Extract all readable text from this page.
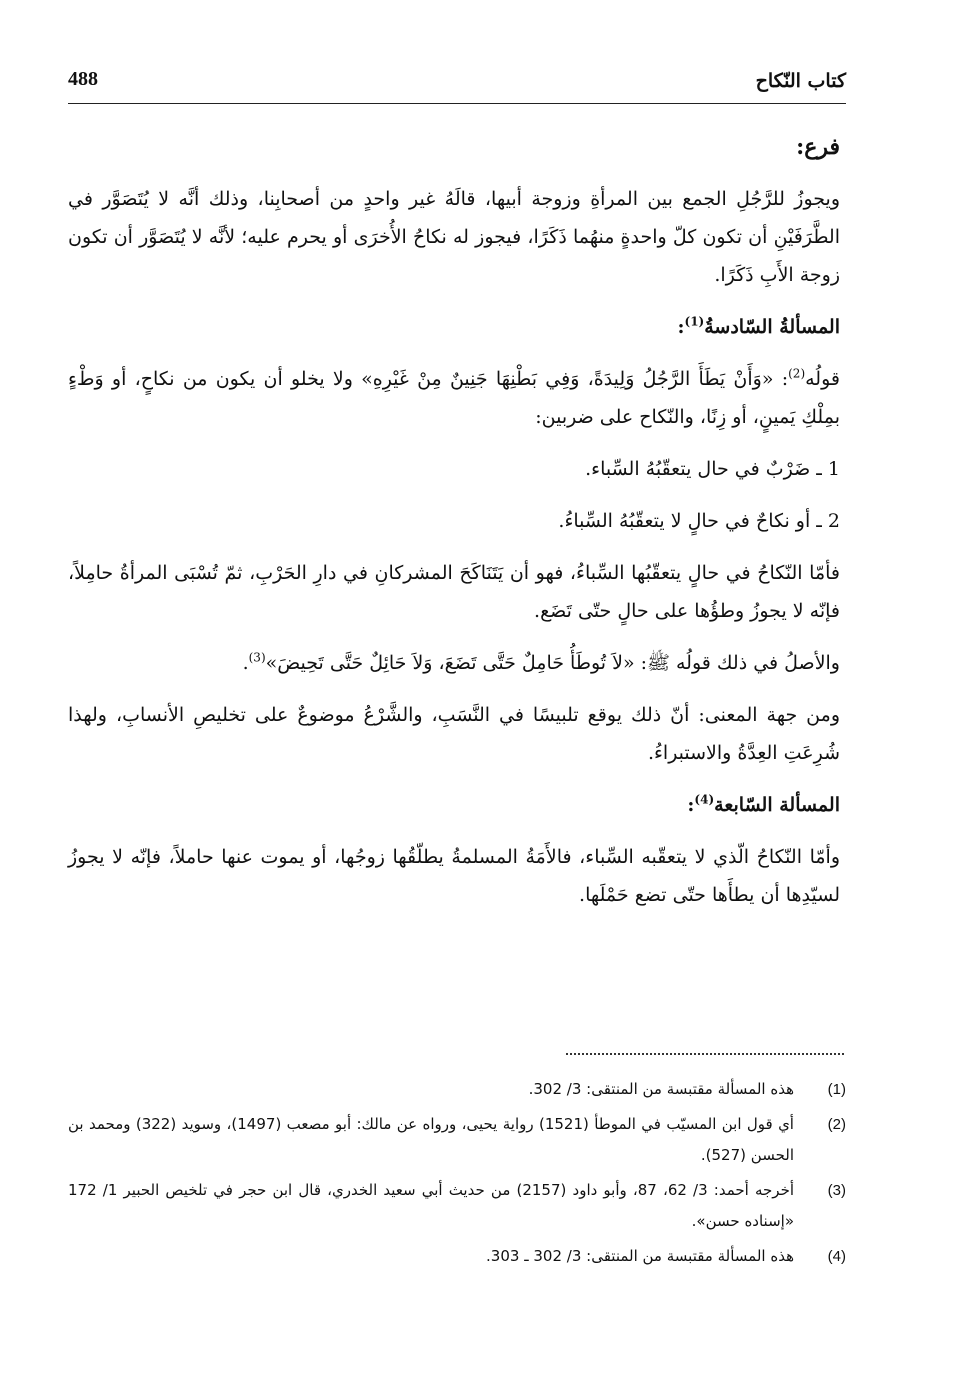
كتاب النّكاح
488

فرع:

ويجوزُ للرَّجُلِ الجمع بين المرأةِ وزوجة أبيها، قالَهُ غير واحدٍ من أصحابِنا، وذلك أنَّه لا يُتَصَوَّر في الطَّرَفَيْنِ أن تكون كلّ واحدةٍ منهُما ذَكَرًا، فيجوز له نكاحُ الأُخرَى أو يحرم عليه؛ لأنَّه لا يُتَصَوَّر أن تكون زوجة الأَبِ ذَكَرًا.

المسألةُ السّادسةُ$^{(1)}$:

قولُه$^{(2)}$: «وَأَنْ يَطَأَ الرَّجُلُ وَلِيدَةً، وَفِي بَطْنِهَا جَنِينٌ مِنْ غَيْرِهِ» ولا يخلو أن يكون من نكاحٍ، أو وَطْءٍ بمِلْكِ يَمينٍ، أو زِنًا، والنّكاح على ضربين:

1 ـ ضَرْبٌ في حال يتعقّبُهُ السِّباء.

2 ـ أو نكاحٌ في حالٍ لا يتعقّبُهُ السِّباءُ.

فأمّا النّكاحُ في حالٍ يتعقّبُها السِّباءُ، فهو أن يَتَنَاكَحَ المشركانِ في دارِ الحَرْبِ، ثمّ تُسْبَى المرأةُ حامِلاً، فإنّه لا يجوزُ وطؤُها على حالٍ حتّى تَضَع.

والأصلُ في ذلك قولُه ﷺ: «لاَ تُوطَأُ حَامِلٌ حَتَّى تَضَعَ، وَلاَ حَائِلٌ حَتَّى تَحِيضَ»$^{(3)}$.

ومن جهة المعنى: أنّ ذلك يوقع تلبيسًا في النَّسَبِ، والشَّرْعُ موضوعٌ على تخليصِ الأنسابِ، ولهذا شُرِعَتِ العِدَّةُ والاستبراءُ.

المسألة السّابعة$^{(4)}$:

وأمّا النّكاحُ الّذي لا يتعقّبه السِّباء، فالأَمَةُ المسلمةُ يطلّقُها زوجُها، أو يموت عنها حاملاً، فإنّه لا يجوزُ لسيّدِها أن يطأَها حتّى تضع حَمْلَها.

(1)
هذه المسألة مقتبسة من المنتقى: 3/ 302.
(2)
أي قول ابن المسيّب في الموطأ (1521) رواية يحيى، ورواه عن مالك: أبو مصعب (1497)، وسويد (322) ومحمد بن الحسن (527).
(3)
أخرجه أحمد: 3/ 62، 87، وأبو داود (2157) من حديث أبي سعيد الخدري، قال ابن حجر في تلخيص الحبير 1/ 172 «إسناده حسن».
(4)
هذه المسألة مقتبسة من المنتقى: 3/ 302 ـ 303.
